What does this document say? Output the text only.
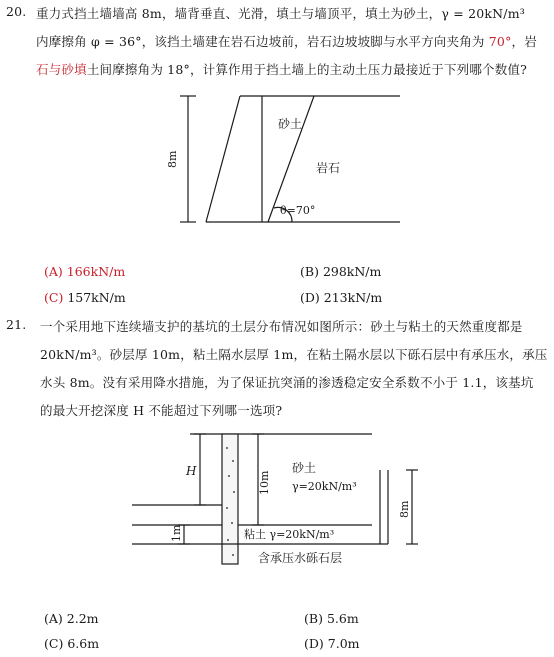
20. 重力式挡土墙墙高 8m，墙背垂直、光滑，填土与墙顶平，填土为砂土，γ = 20kN/m³
内摩擦角 φ = 36°，该挡土墙建在岩石边坡前，岩石边坡坡脚与水平方向夹角为 70°，岩
石与砂填土间摩擦角为 18°，计算作用于挡土墙上的主动土压力最接近于下列哪个数值?
砂土
岩石
θ=70°
8m
H	10m
砂土
γ=20kN/m³
1m	粘土 γ=20kN/m³
含承压水砾石层
8m
(A) 166kN/m	(B) 298kN/m
(C) 157kN/m	(D) 213kN/m
21. 一个采用地下连续墙支护的基坑的土层分布情况如图所示：砂土与粘土的天然重度都是
20kN/m³。砂层厚 10m，粘土隔水层厚 1m，在粘土隔水层以下砾石层中有承压水，承压
水头 8m。没有采用降水措施，为了保证抗突涌的渗透稳定安全系数不小于 1.1，该基坑
的最大开挖深度 H 不能超过下列哪一选项?
(A) 2.2m	(B) 5.6m
(C) 6.6m	(D) 7.0m
